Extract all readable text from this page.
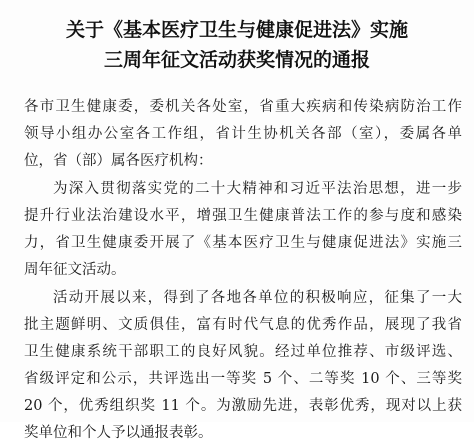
关于《基本医疗卫生与健康促进法》实施
三周年征文活动获奖情况的通报
各市卫生健康委，委机关各处室，省重大疾病和传染病防治工作
领导小组办公室各工作组，省计生协机关各部（室），委属各单
位，省（部）属各医疗机构：
为深入贯彻落实党的二十大精神和习近平法治思想，进一步
提升行业法治建设水平，增强卫生健康普法工作的参与度和感染
力，省卫生健康委开展了《基本医疗卫生与健康促进法》实施三
周年征文活动。
活动开展以来，得到了各地各单位的积极响应，征集了一大
批主题鲜明、文质俱佳，富有时代气息的优秀作品，展现了我省
卫生健康系统干部职工的良好风貌。经过单位推荐、市级评选、
省级评定和公示，共评选出一等奖 5 个、二等奖 10 个、三等奖
20 个，优秀组织奖 11 个。为激励先进，表彰优秀，现对以上获
奖单位和个人予以通报表彰。
